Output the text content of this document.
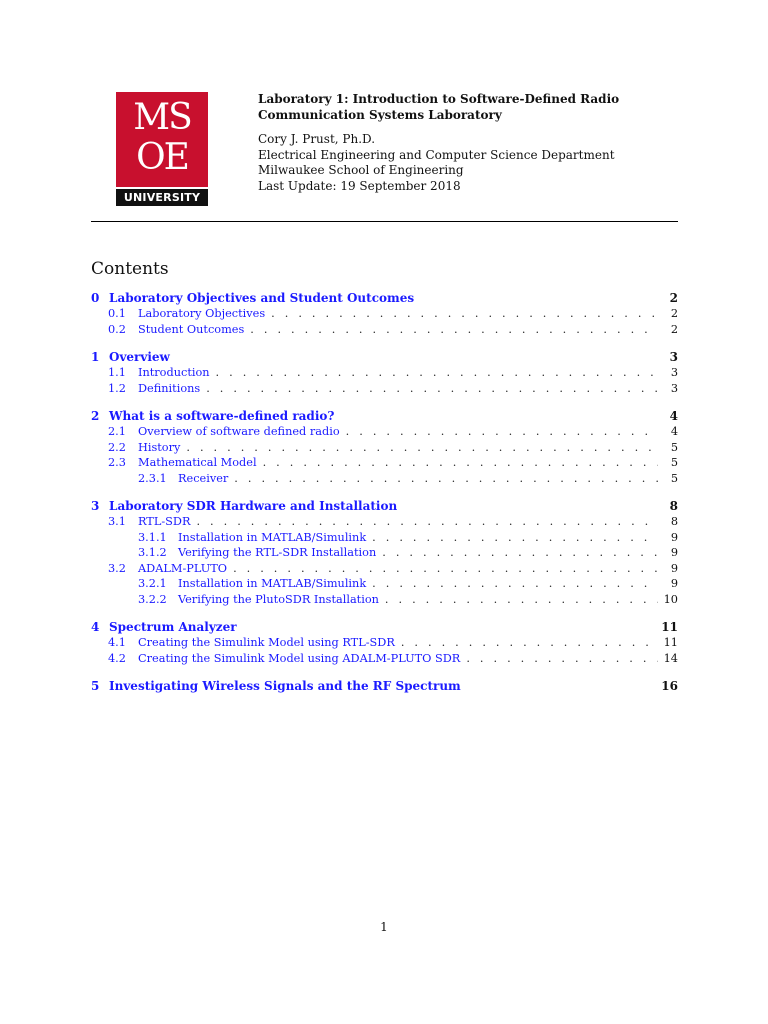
MS
OE
UNIVERSITY
Laboratory 1: Introduction to Software-Defined Radio
Communication Systems Laboratory
Cory J. Prust, Ph.D.
Electrical Engineering and Computer Science Department
Milwaukee School of Engineering
Last Update: 19 September 2018
Contents
0 Laboratory Objectives and Student Outcomes	2
0.1	Laboratory Objectives . . .	2
0.2	Student Outcomes . . .	2
1 Overview	3
1.1	Introduction . . .	3
1.2	Definitions . . .	3
2 What is a software-defined radio?	4
2.1	Overview of software defined radio . . .	4
2.2	History . . .	5
2.3	Mathematical Model . . .	5
2.3.1 Receiver . . .	5
3 Laboratory SDR Hardware and Installation	8
3.1	RTL-SDR . . .	8
3.1.1 Installation in MATLAB/Simulink . . .	9
3.1.2 Verifying the RTL-SDR Installation . . .	9
3.2	ADALM-PLUTO . . .	9
3.2.1 Installation in MATLAB/Simulink . . .	9
3.2.2 Verifying the PlutoSDR Installation . . .	10
4 Spectrum Analyzer	11
4.1	Creating the Simulink Model using RTL-SDR . . .	11
4.2	Creating the Simulink Model using ADALM-PLUTO SDR . . .	14
5 Investigating Wireless Signals and the RF Spectrum	16
1
